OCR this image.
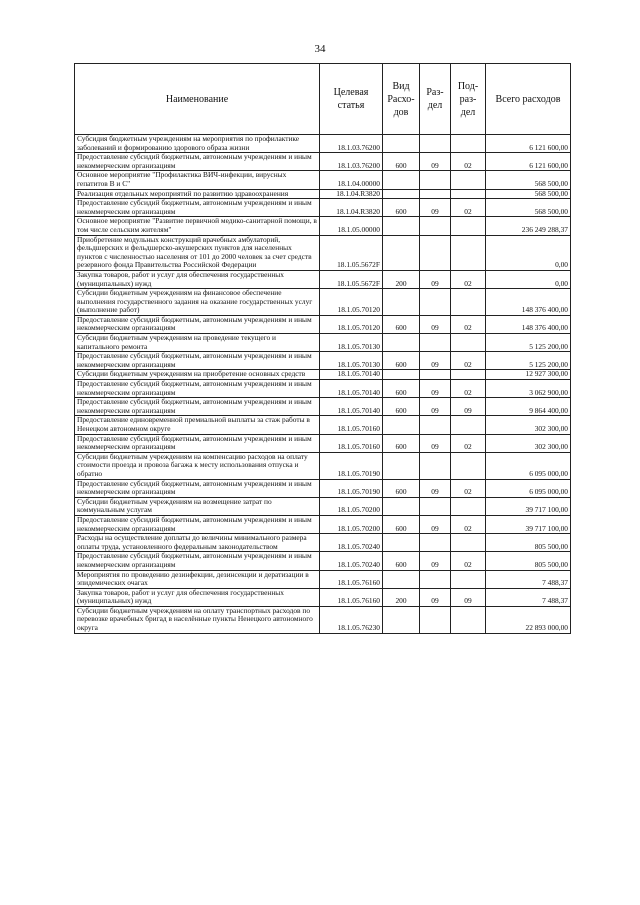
34
Наименование	Целевая статья	Вид Расхо-дов	Раз-дел	Под-раз-дел	Всего расходов
Субсидия бюджетным учреждениям на мероприятия по профилактике заболеваний и формированию здорового образа жизни	18.1.03.76200				6 121 600,00
Предоставление субсидий бюджетным, автономным учреждениям и иным некоммерческим организациям	18.1.03.76200	600	09	02	6 121 600,00
Основное мероприятие "Профилактика ВИЧ-инфекции, вирусных гепатитов В и С"	18.1.04.00000				568 500,00
Реализация отдельных мероприятий по развитию здравоохранения	18.1.04.R3820				568 500,00
Предоставление субсидий бюджетным, автономным учреждениям и иным некоммерческим организациям	18.1.04.R3820	600	09	02	568 500,00
Основное мероприятие "Развитие первичной медико-санитарной помощи, в том числе сельским жителям"	18.1.05.00000				236 249 288,37
Приобретение модульных конструкций врачебных амбулаторий, фельдшерских и фельдшерско-акушерских пунктов для населенных пунктов с численностью населения от 101 до 2000 человек за счет средств резервного фонда Правительства Российской Федерации	18.1.05.5672F				0,00
Закупка товаров, работ и услуг для обеспечения государственных (муниципальных) нужд	18.1.05.5672F	200	09	02	0,00
Субсидии бюджетным учреждениям на финансовое обеспечение выполнения государственного задания на оказание государственных услуг (выполнение работ)	18.1.05.70120				148 376 400,00
Предоставление субсидий бюджетным, автономным учреждениям и иным некоммерческим организациям	18.1.05.70120	600	09	02	148 376 400,00
Субсидии бюджетным учреждениям на проведение текущего и капитального ремонта	18.1.05.70130				5 125 200,00
Предоставление субсидий бюджетным, автономным учреждениям и иным некоммерческим организациям	18.1.05.70130	600	09	02	5 125 200,00
Субсидии бюджетным учреждениям на приобретение основных средств	18.1.05.70140				12 927 300,00
Предоставление субсидий бюджетным, автономным учреждениям и иным некоммерческим организациям	18.1.05.70140	600	09	02	3 062 900,00
Предоставление субсидий бюджетным, автономным учреждениям и иным некоммерческим организациям	18.1.05.70140	600	09	09	9 864 400,00
Предоставление единовременной премиальной выплаты за стаж работы в Ненецком автономном округе	18.1.05.70160				302 300,00
Предоставление субсидий бюджетным, автономным учреждениям и иным некоммерческим организациям	18.1.05.70160	600	09	02	302 300,00
Субсидии бюджетным учреждениям на компенсацию расходов на оплату стоимости проезда и провоза багажа к месту использования отпуска и обратно	18.1.05.70190				6 095 000,00
Предоставление субсидий бюджетным, автономным учреждениям и иным некоммерческим организациям	18.1.05.70190	600	09	02	6 095 000,00
Субсидии бюджетным учреждениям на возмещение затрат по коммунальным услугам	18.1.05.70200				39 717 100,00
Предоставление субсидий бюджетным, автономным учреждениям и иным некоммерческим организациям	18.1.05.70200	600	09	02	39 717 100,00
Расходы на осуществление доплаты до величины минимального размера оплаты труда, установленного федеральным законодательством	18.1.05.70240				805 500,00
Предоставление субсидий бюджетным, автономным учреждениям и иным некоммерческим организациям	18.1.05.70240	600	09	02	805 500,00
Мероприятия по проведению дезинфекции, дезинсекции и дератизации в эпидемических очагах	18.1.05.76160				7 488,37
Закупка товаров, работ и услуг для обеспечения государственных (муниципальных) нужд	18.1.05.76160	200	09	09	7 488,37
Субсидии бюджетным учреждениям на оплату транспортных расходов по перевозке врачебных бригад в населённые пункты Ненецкого автономного округа	18.1.05.76230				22 893 000,00
